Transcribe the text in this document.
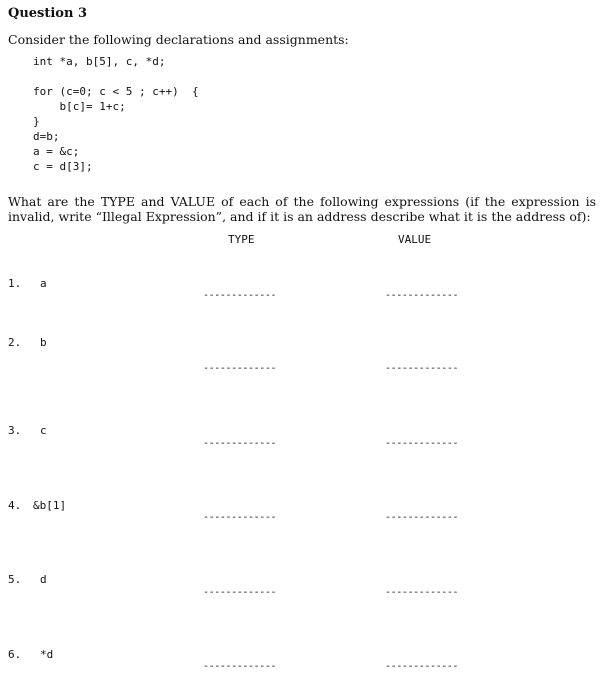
Question 3
Consider the following declarations and assignments:
int *a, b[5], c, *d;
for (c=0; c < 5 ; c++)  {
b[c]= 1+c;
}
d=b;
a = &c;
c = d[3];
What are the TYPE and VALUE of each of the following expressions (if the expression is invalid, write “Illegal Expression”, and if it is an address describe what it is the address of):
TYPE	VALUE
1. a
-------------	-------------
2. b
-------------	-------------
3. c
-------------	-------------
4. &b[1]
-------------	-------------
5. d
-------------	-------------
6. *d
-------------	-------------
